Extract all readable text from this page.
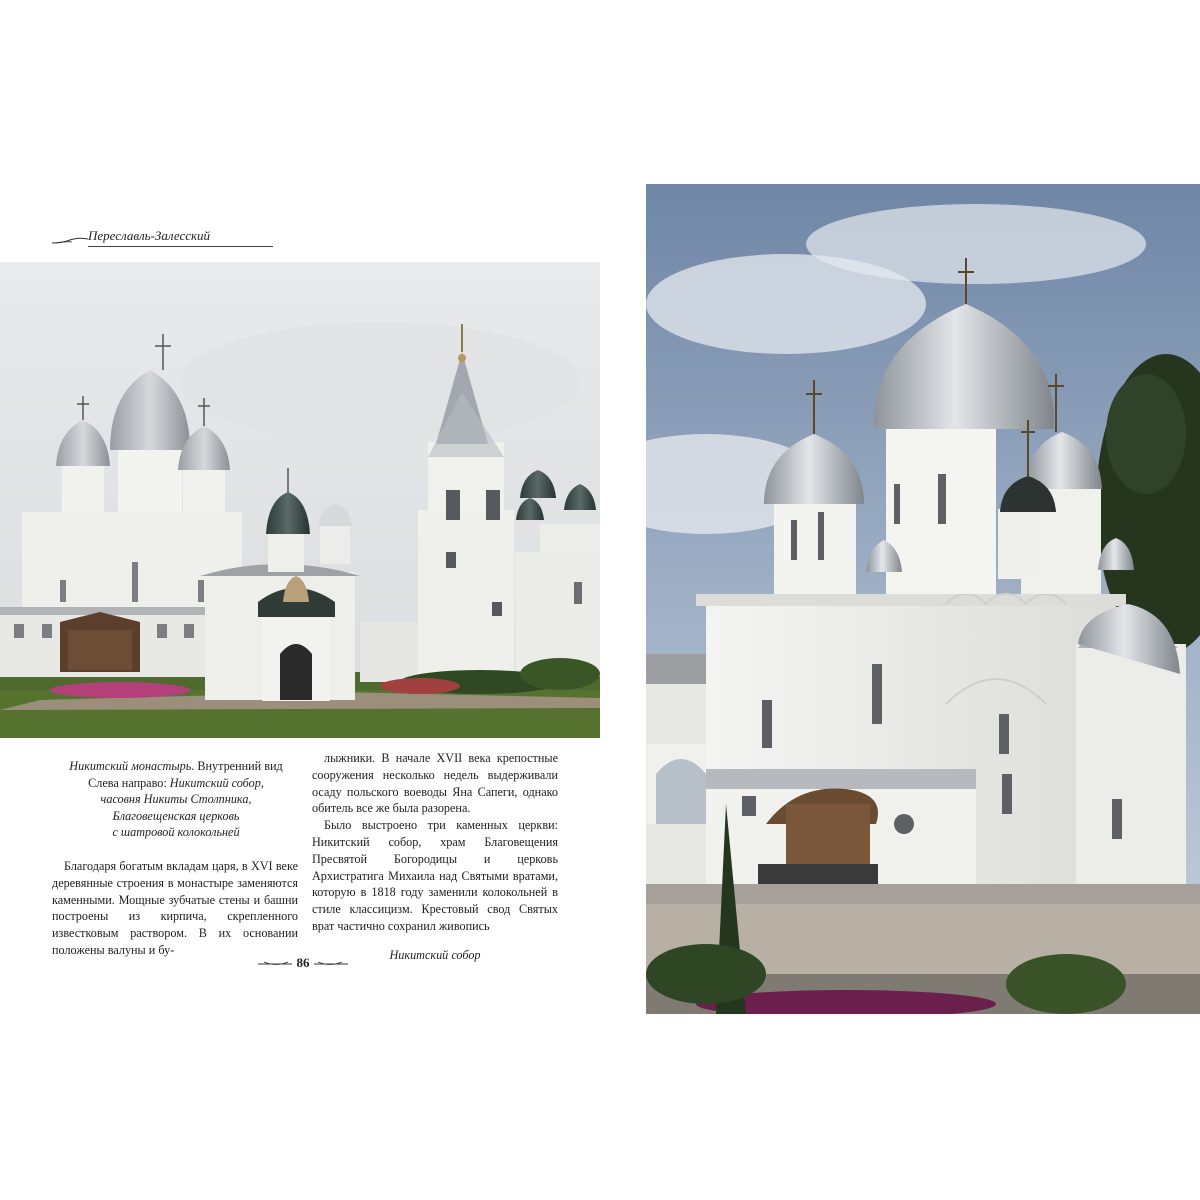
Переславль-Залесский
Никитский монастырь. Внутренний вид
Слева направо: Никитский собор,
часовня Никиты Столпника,
Благовещенская церковь
с шатровой колокольней

Благодаря богатым вкладам царя, в XVI веке деревянные строения в монастыре заменяются каменными. Мощные зубчатые стены и башни построены из кирпича, скрепленного известковым раствором. В их основании положены валуны и бу-

лыжники. В начале XVII века крепостные сооружения несколько недель выдерживали осаду польского воеводы Яна Сапеги, однако обитель все же была разорена.

Было выстроено три каменных церкви: Никитский собор, храм Благовещения Пресвятой Богородицы и церковь Архистратига Михаила над Святыми вратами, которую в 1818 году заменили колокольней в стиле классицизм. Крестовый свод Святых врат частично сохранил живопись

Никитский собор

86
